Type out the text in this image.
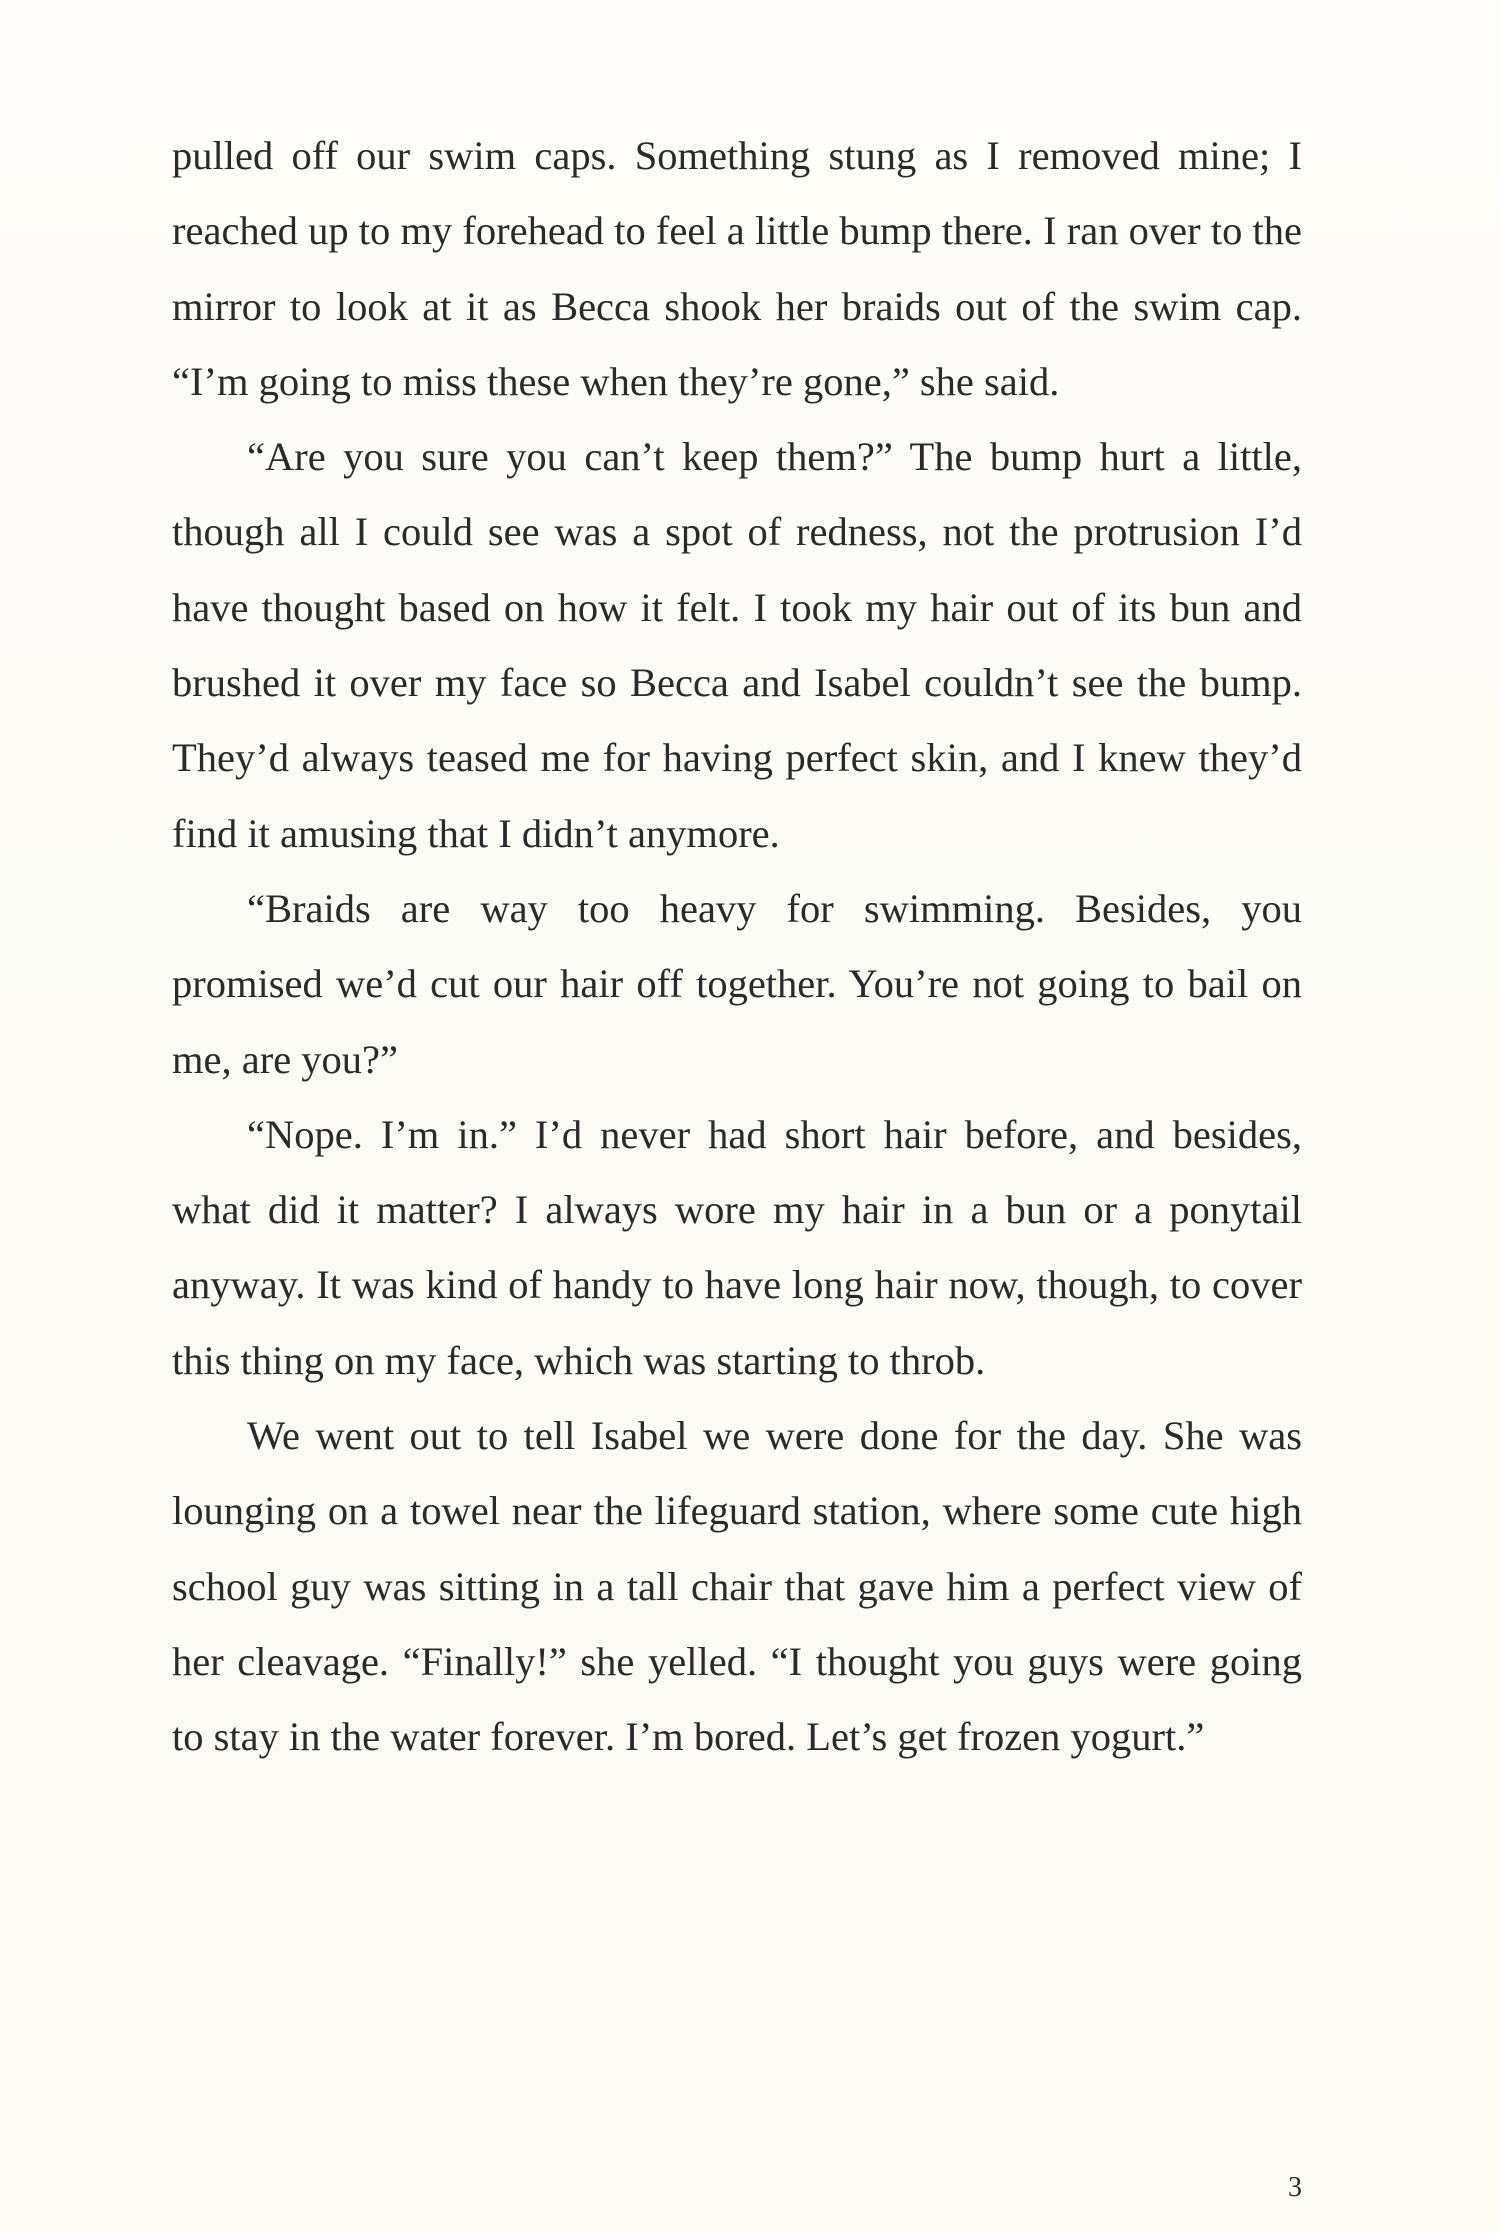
pulled off our swim caps. Something stung as I removed mine; I reached up to my forehead to feel a little bump there. I ran over to the mirror to look at it as Becca shook her braids out of the swim cap. “I’m going to miss these when they’re gone,” she said.

“Are you sure you can’t keep them?” The bump hurt a little, though all I could see was a spot of redness, not the protrusion I’d have thought based on how it felt. I took my hair out of its bun and brushed it over my face so Becca and Isabel couldn’t see the bump. They’d always teased me for having perfect skin, and I knew they’d find it amusing that I didn’t anymore.

“Braids are way too heavy for swimming. Besides, you promised we’d cut our hair off together. You’re not going to bail on me, are you?”

“Nope. I’m in.” I’d never had short hair before, and besides, what did it matter? I always wore my hair in a bun or a ponytail anyway. It was kind of handy to have long hair now, though, to cover this thing on my face, which was starting to throb.

We went out to tell Isabel we were done for the day. She was lounging on a towel near the lifeguard station, where some cute high school guy was sitting in a tall chair that gave him a perfect view of her cleavage. “Finally!” she yelled. “I thought you guys were going to stay in the water forever. I’m bored. Let’s get frozen yogurt.”

3
